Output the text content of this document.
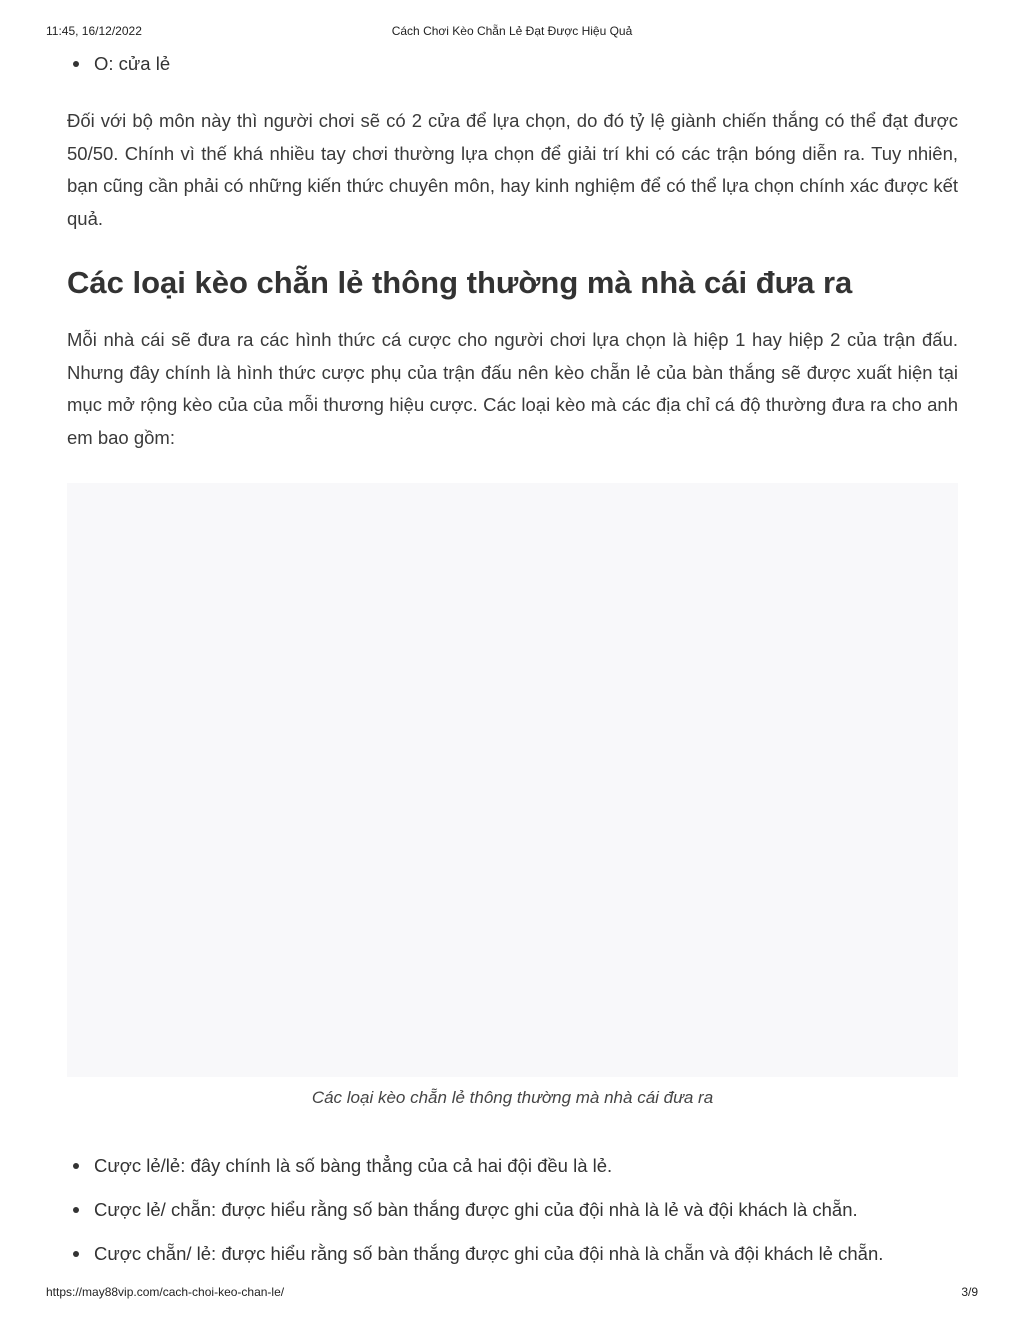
11:45, 16/12/2022	Cách Chơi Kèo Chẵn Lẻ Đạt Được Hiệu Quả
O: cửa lẻ

Đối với bộ môn này thì người chơi sẽ có 2 cửa để lựa chọn, do đó tỷ lệ giành chiến thắng có thể đạt được 50/50. Chính vì thế khá nhiều tay chơi thường lựa chọn để giải trí khi có các trận bóng diễn ra. Tuy nhiên, bạn cũng cần phải có những kiến thức chuyên môn, hay kinh nghiệm để có thể lựa chọn chính xác được kết quả.

Các loại kèo chẵn lẻ thông thường mà nhà cái đưa ra

Mỗi nhà cái sẽ đưa ra các hình thức cá cược cho người chơi lựa chọn là hiệp 1 hay hiệp 2 của trận đấu. Nhưng đây chính là hình thức cược phụ của trận đấu nên kèo chẵn lẻ của bàn thắng sẽ được xuất hiện tại mục mở rộng kèo của của mỗi thương hiệu cược. Các loại kèo mà các địa chỉ cá độ thường đưa ra cho anh em bao gồm:

Các loại kèo chẵn lẻ thông thường mà nhà cái đưa ra
Cược lẻ/lẻ: đây chính là số bàng thẳng của cả hai đội đều là lẻ.
Cược lẻ/ chẵn: được hiểu rằng số bàn thắng được ghi của đội nhà là lẻ và đội khách là chẵn.
Cược chẵn/ lẻ: được hiểu rằng số bàn thắng được ghi của đội nhà là chẵn và đội khách lẻ chẵn.
https://may88vip.com/cach-choi-keo-chan-le/	3/9
